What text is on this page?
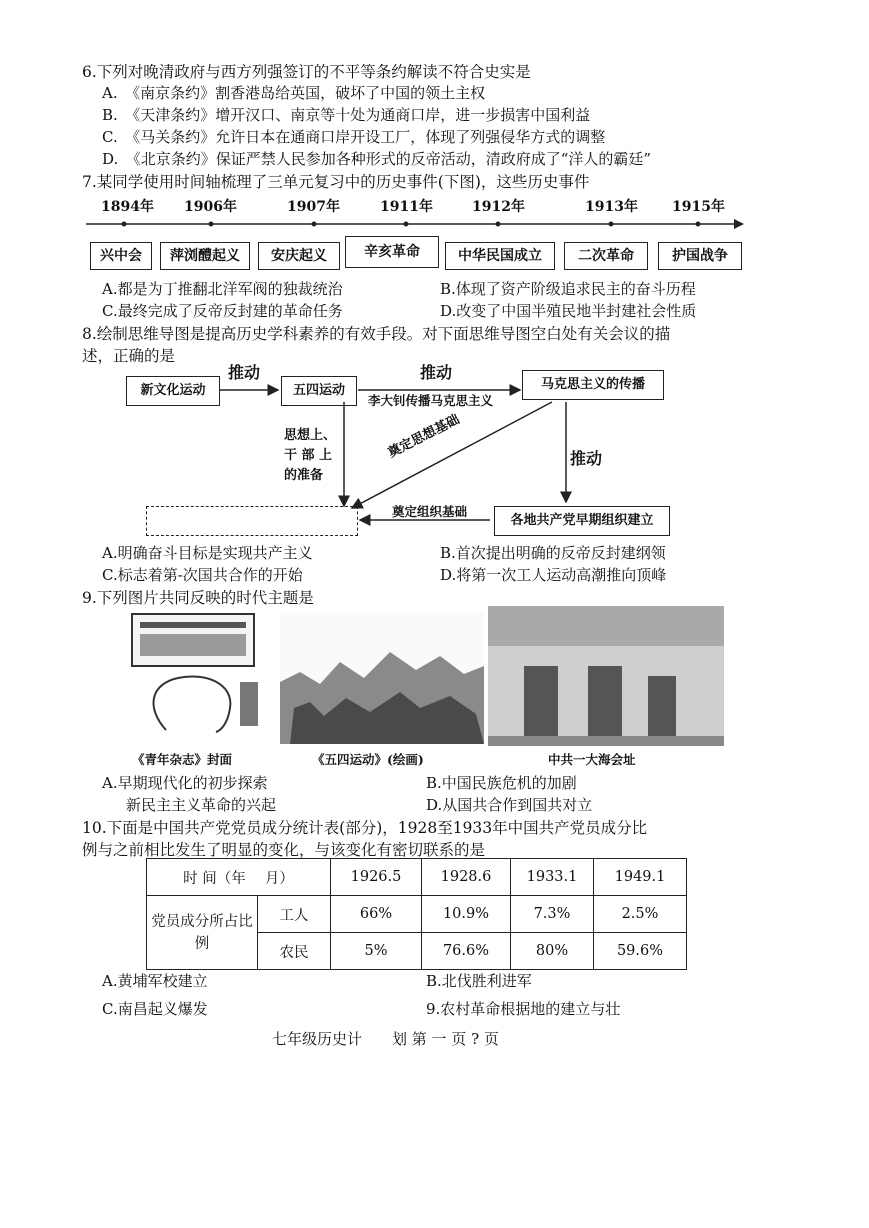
6.下列对晚清政府与西方列强签订的不平等条约解读不符合史实是
A.　《南京条约》割香港岛给英国，破坏了中国的领土主权
B.　《天津条约》增开汉口、南京等十处为通商口岸，进一步损害中国利益
C.　《马关条约》允许日本在通商口岸开设工厂，体现了列强侵华方式的调整
D.　《北京条约》保证严禁人民参加各种形式的反帝活动，清政府成了“洋人的霸廷”
7.某同学使用时间轴梳理了三单元复习中的历史事件(下图)，这些历史事件
1894年 1906年	1907年	1911年	1912年	1913年 1915年
兴中会	萍浏醴起义	安庆起义	辛亥革命	中华民国成立	二次革命	护国战争
A.都是为丁推翻北洋军阀的独裁统治	B.体现了资产阶级追求民主的奋斗历程
C.最终完成了反帝反封建的革命任务	D.改变了中国半殖民地半封建社会性质
8.绘制思维导图是提高历史学科素养的有效手段。对下面思维导图空白处有关会议的描
述，正确的是
新文化运动	五四运动	马克思主义的传播
各地共产党早期组织建立
推动	推动
推动
李大钊传播马克思主义
奠定思想基础
奠定组织基础
思想上、
干 部 上
的准备
A.明确奋斗目标是实现共产主义	B.首次提出明确的反帝反封建纲领
C.标志着第-次国共合作的开始	D.将第一次工人运动高潮推向顶峰
9.下列图片共同反映的时代主题是
《青年杂志》封面	《五四运动》(绘画)	中共一大海会址
A.早期现代化的初步探索	B.中国民族危机的加剧
新民主主义革命的兴起	D.从国共合作到国共对立
10.下面是中国共产党党员成分统计表(部分)，1928至1933年中国共产党员成分比
例与之前相比发生了明显的变化，与该变化有密切联系的是
时 间（年　 月）		1926.5	1928.6	1933.1	1949.1
党员成分所占比例	工人	66%	10.9%	7.3%	2.5%
	农民	5%	76.6%	80%	59.6%
A.黄埔军校建立	B.北伐胜利进军
C.南昌起义爆发	9.农村革命根据地的建立与壮
七年级历史计　　划 第 一 页 ? 页
